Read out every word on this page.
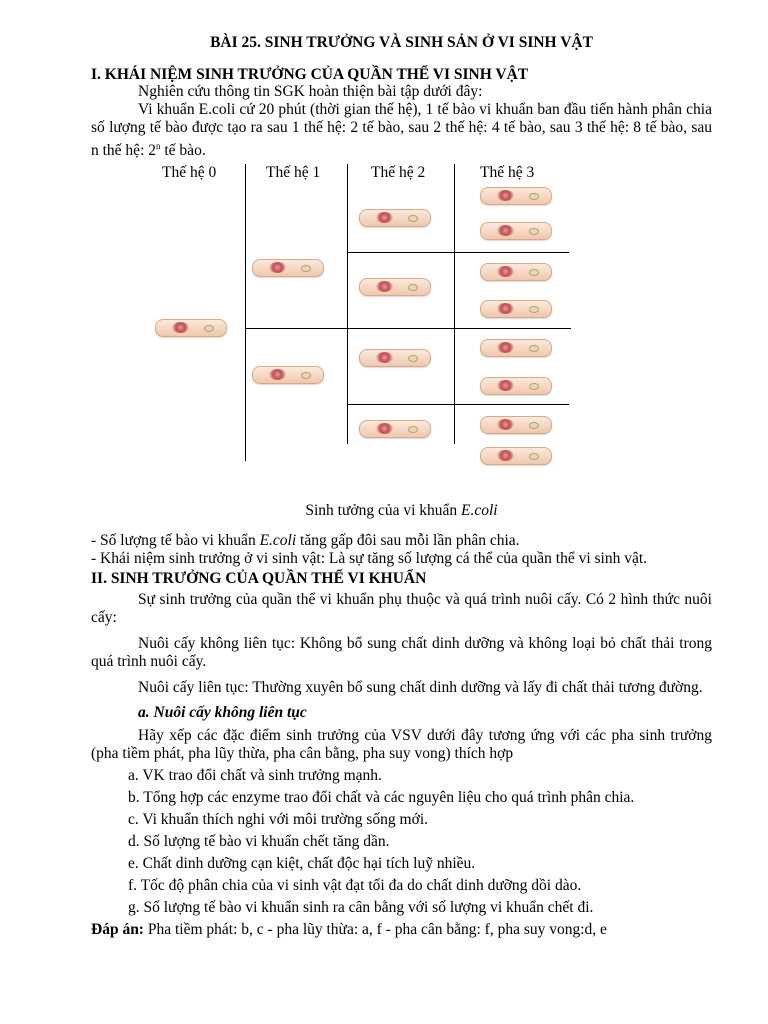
BÀI 25. SINH TRƯỞNG VÀ SINH SẢN Ở VI SINH VẬT

I. KHÁI NIỆM SINH TRƯỞNG CỦA QUẦN THỂ VI SINH VẬT

Nghiên cứu thông tin SGK hoàn thiện bài tập dưới đây:

Vi khuẩn E.coli cứ 20 phút (thời gian thế hệ), 1 tế bào vi khuẩn ban đầu tiến hành phân chia số lượng tế bào được tạo ra sau 1 thế hệ: 2 tế bào, sau 2 thế hệ: 4 tế bào, sau 3 thế hệ: 8 tế bào, sau n thế hệ: 2$^n$ tế bào.

Thế hệ 0	Thế hệ 1	Thế hệ 2	Thế hệ 3

Sinh tưởng của vi khuẩn E.coli

- Số lượng tế bào vi khuẩn E.coli tăng gấp đôi sau mỗi lần phân chia.

- Khái niệm sinh trưởng ở vi sinh vật: Là sự tăng số lượng cá thể của quần thể vi sinh vật.

II. SINH TRƯỞNG CỦA QUẦN THỂ VI KHUẨN

Sự sinh trưởng của quần thể vi khuẩn phụ thuộc và quá trình nuôi cấy. Có 2 hình thức nuôi cấy:

Nuôi cấy không liên tục: Không bổ sung chất dinh dưỡng và không loại bỏ chất thải trong quá trình nuôi cấy.

Nuôi cấy liên tục: Thường xuyên bổ sung chất dinh dưỡng và lấy đi chất thải tương đường.

a. Nuôi cấy không liên tục

Hãy xếp các đặc điểm sinh trưởng của VSV dưới đây tương ứng với các pha sinh trưởng (pha tiềm phát, pha lũy thừa, pha cân bằng, pha suy vong) thích hợp

a. VK trao đổi chất và sinh trưởng mạnh.

b. Tổng hợp các enzyme trao đổi chất và các nguyên liệu cho quá trình phân chia.

c. Vi khuẩn thích nghi với môi trường sống mới.

d. Số lượng tế bào vi khuẩn chết tăng dần.

e. Chất dinh dưỡng cạn kiệt, chất độc hại tích luỹ nhiều.

f. Tốc độ phân chia của vi sinh vật đạt tối đa do chất dinh dưỡng dồi dào.

g. Số lượng tế bào vi khuẩn sinh ra cân bằng với số lượng vi khuẩn chết đi.

Đáp án: Pha tiềm phát: b, c - pha lũy thừa: a, f - pha cân bằng: f, pha suy vong:d, e
